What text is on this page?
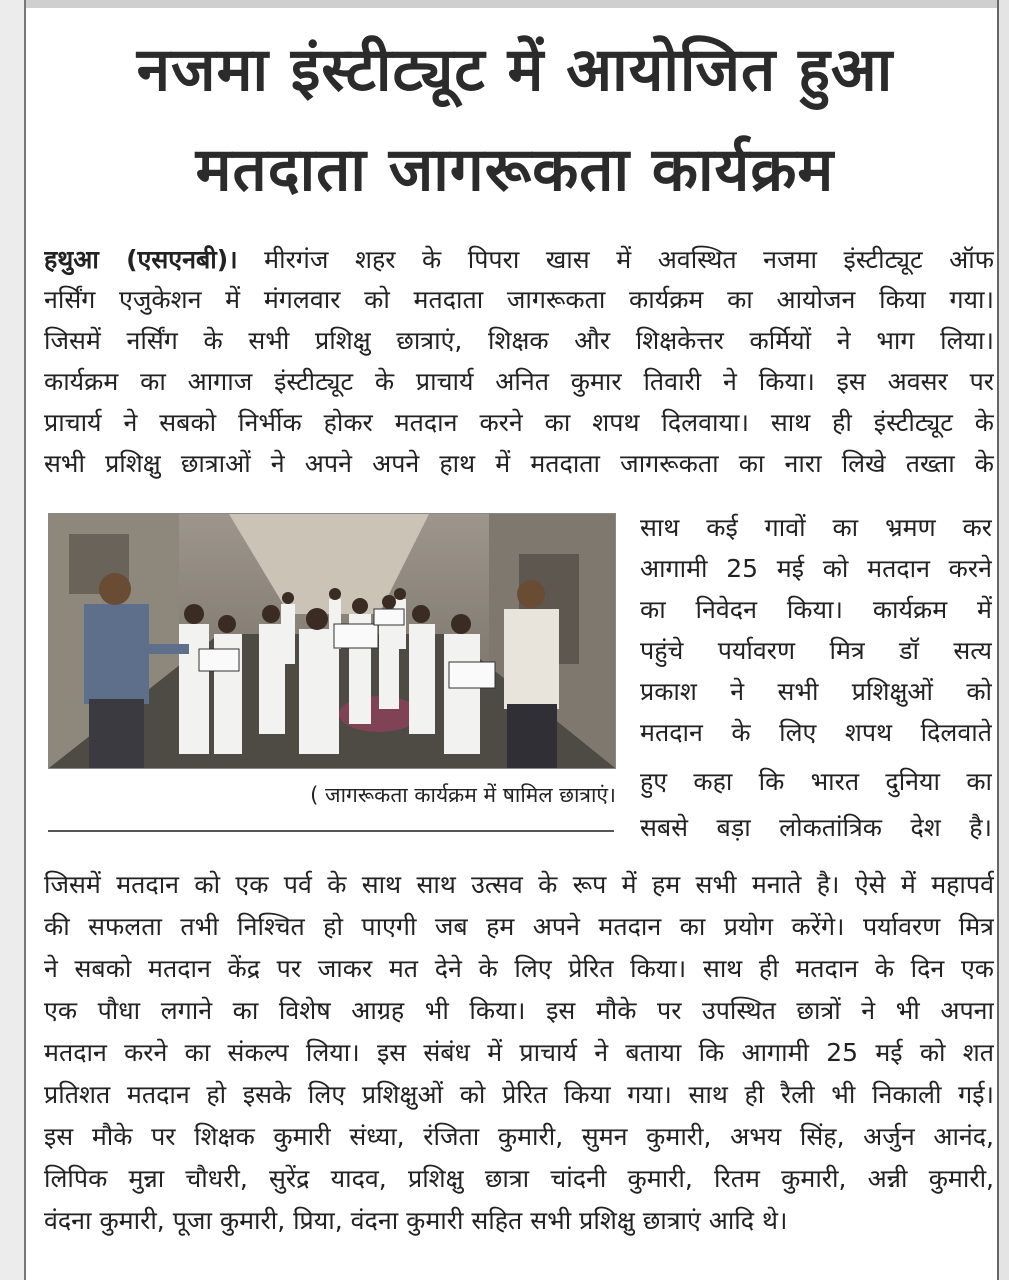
नजमा इंस्टीट्यूट में आयोजित हुआ
मतदाता जागरूकता कार्यक्रम
हथुआ (एसएनबी)। मीरगंज शहर के पिपरा खास में अवस्थित नजमा इंस्टीट्यूट ऑफ
नर्सिंग एजुकेशन में मंगलवार को मतदाता जागरूकता कार्यक्रम का आयोजन किया गया।
जिसमें नर्सिंग के सभी प्रशिक्षु छात्राएं, शिक्षक और शिक्षकेत्तर कर्मियों ने भाग लिया।
कार्यक्रम का आगाज इंस्टीट्यूट के प्राचार्य अनित कुमार तिवारी ने किया। इस अवसर पर
प्राचार्य ने सबको निर्भीक होकर मतदान करने का शपथ दिलवाया। साथ ही इंस्टीट्यूट के
सभी प्रशिक्षु छात्राओं ने अपने अपने हाथ में मतदाता जागरूकता का नारा लिखे तख्ता के
साथ कई गावों का भ्रमण कर
आगामी 25 मई को मतदान करने
का निवेदन किया। कार्यक्रम में
पहुंचे पर्यावरण मित्र डॉ सत्य
प्रकाश ने सभी प्रशिक्षुओं को
मतदान के लिए शपथ दिलवाते
हुए कहा कि भारत दुनिया का
सबसे बड़ा लोकतांत्रिक देश है।
( जागरूकता कार्यक्रम में षामिल छात्राएं।
जिसमें मतदान को एक पर्व के साथ साथ उत्सव के रूप में हम सभी मनाते है। ऐसे में महापर्व
की सफलता तभी निश्चित हो पाएगी जब हम अपने मतदान का प्रयोग करेंगे। पर्यावरण मित्र
ने सबको मतदान केंद्र पर जाकर मत देने के लिए प्रेरित किया। साथ ही मतदान के दिन एक
एक पौधा लगाने का विशेष आग्रह भी किया। इस मौके पर उपस्थित छात्रों ने भी अपना
मतदान करने का संकल्प लिया। इस संबंध में प्राचार्य ने बताया कि आगामी 25 मई को शत
प्रतिशत मतदान हो इसके लिए प्रशिक्षुओं को प्रेरित किया गया। साथ ही रैली भी निकाली गई।
इस मौके पर शिक्षक कुमारी संध्या, रंजिता कुमारी, सुमन कुमारी, अभय सिंह, अर्जुन आनंद,
लिपिक मुन्ना चौधरी, सुरेंद्र यादव, प्रशिक्षु छात्रा चांदनी कुमारी, रितम कुमारी, अन्नी कुमारी,
वंदना कुमारी, पूजा कुमारी, प्रिया, वंदना कुमारी सहित सभी प्रशिक्षु छात्राएं आदि थे।
